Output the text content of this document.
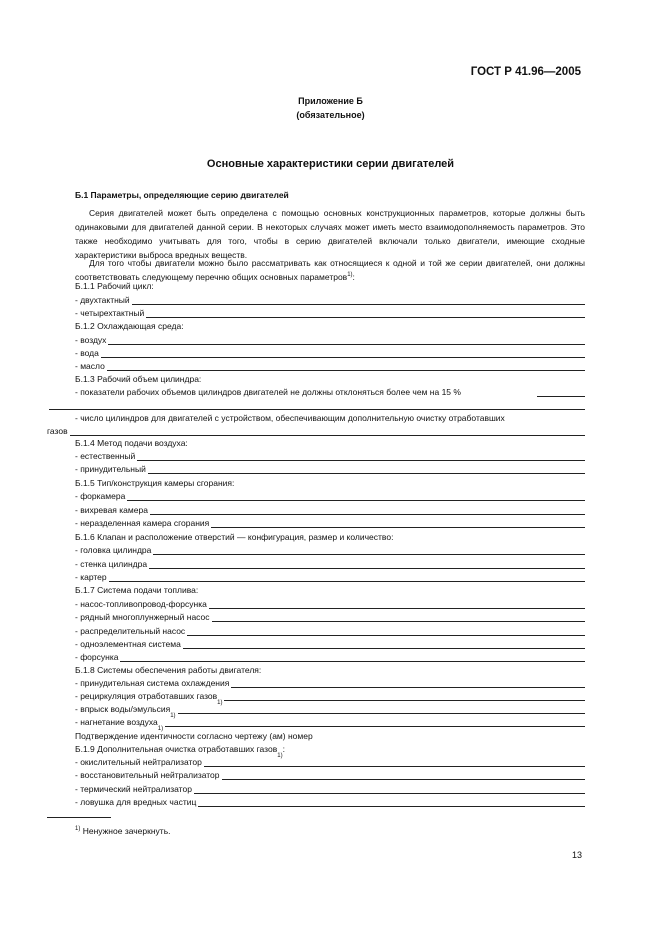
ГОСТ Р 41.96—2005
Приложение Б
(обязательное)
Основные характеристики серии двигателей
Б.1 Параметры, определяющие серию двигателей
Серия двигателей может быть определена с помощью основных конструкционных параметров, которые должны быть одинаковыми для двигателей данной серии. В некоторых случаях может иметь место взаимодополняемость параметров. Это также необходимо учитывать для того, чтобы в серию двигателей включали только двигатели, имеющие сходные характеристики выброса вредных веществ.
Для того чтобы двигатели можно было рассматривать как относящиеся к одной и той же серии двигателей, они должны соответствовать следующему перечню общих основных параметров$^{1)}$:
Б.1.1 Рабочий цикл:
- двухтактный
- четырехтактный
Б.1.2 Охлаждающая среда:
- воздух
- вода
- масло
Б.1.3 Рабочий объем цилиндра:
- показатели рабочих объемов цилиндров двигателей не должны отклоняться более чем на 15 %
- число цилиндров для двигателей с устройством, обеспечивающим дополнительную очистку отработавших
газов
Б.1.4 Метод подачи воздуха:
- естественный
- принудительный
Б.1.5 Тип/конструкция камеры сгорания:
- форкамера
- вихревая камера
- неразделенная камера сгорания
Б.1.6 Клапан и расположение отверстий — конфигурация, размер и количество:
- головка цилиндра
- стенка цилиндра
- картер
Б.1.7 Система подачи топлива:
- насос-топливопровод-форсунка
- рядный многоплунжерный насос
- распределительный насос
- одноэлементная система
- форсунка
Б.1.8 Системы обеспечения работы двигателя:
- принудительная система охлаждения
- рециркуляция отработавших газов
1)
- впрыск воды/эмульсия
1)
- нагнетание воздуха
1)
Подтверждение идентичности согласно чертежу (ам) номер
Б.1.9 Дополнительная очистка отработавших газов
1)
:
- окислительный нейтрализатор
- восстановительный нейтрализатор
- термический нейтрализатор
- ловушка для вредных частиц
$^{1)}$ Ненужное зачеркнуть.
13
